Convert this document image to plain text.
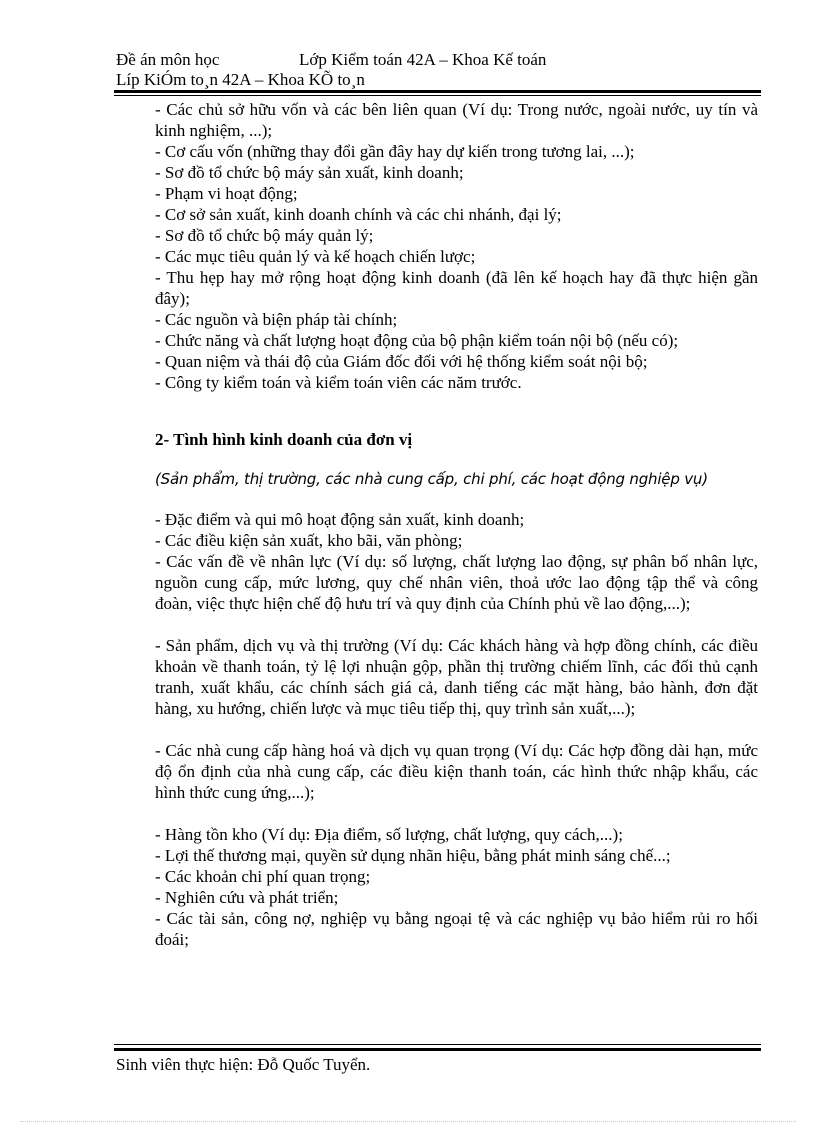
Đề án môn học	Lớp Kiểm toán 42A – Khoa Kế toán
Líp KiÓm to¸n 42A – Khoa KÕ to¸n

- Các chủ sở hữu vốn và các bên liên quan (Ví dụ: Trong nước, ngoài nước, uy tín và kinh nghiệm, ...);

- Cơ cấu vốn (những thay đổi gần đây hay dự kiến trong tương lai, ...);

- Sơ đồ tổ chức bộ máy sản xuất, kinh doanh;

- Phạm vi hoạt động;

- Cơ sở sản xuất, kinh doanh chính và các chi nhánh, đại lý;

- Sơ đồ tổ chức bộ máy quản lý;

- Các mục tiêu quản lý và kế hoạch chiến lược;

- Thu hẹp hay mở rộng hoạt động kinh doanh (đã lên kế hoạch hay đã thực hiện gần đây);

- Các nguồn và biện pháp tài chính;

- Chức năng và chất lượng hoạt động của bộ phận kiểm toán nội bộ (nếu có);

- Quan niệm và thái độ của Giám đốc đối với hệ thống kiểm soát nội bộ;

- Công ty kiểm toán và kiểm toán viên các năm trước.

2- Tình hình kinh doanh của đơn vị

(Sản phẩm, thị trường, các nhà cung cấp, chi phí, các hoạt động nghiệp vụ)

- Đặc điểm và qui mô hoạt động sản xuất, kinh doanh;

- Các điều kiện sản xuất, kho bãi, văn phòng;

- Các vấn đề về nhân lực (Ví dụ: số lượng, chất lượng lao động, sự phân bố nhân lực, nguồn cung cấp, mức lương, quy chế nhân viên, thoả ước lao động tập thể và công đoàn, việc thực hiện chế độ hưu trí và quy định của Chính phủ về lao động,...);

- Sản phẩm, dịch vụ và thị trường (Ví dụ: Các khách hàng và hợp đồng chính, các điều khoản về thanh toán, tỷ lệ lợi nhuận gộp, phần thị trường chiếm lĩnh, các đối thủ cạnh tranh, xuất khẩu, các chính sách giá cả, danh tiếng các mặt hàng, bảo hành, đơn đặt hàng, xu hướng, chiến lược và mục tiêu tiếp thị, quy trình sản xuất,...);

- Các nhà cung cấp hàng hoá và dịch vụ quan trọng (Ví dụ: Các hợp đồng dài hạn, mức độ ổn định của nhà cung cấp, các điều kiện thanh toán, các hình thức nhập khẩu, các hình thức cung ứng,...);

- Hàng tồn kho (Ví dụ: Địa điểm, số lượng, chất lượng, quy cách,...);

- Lợi thế thương mại, quyền sử dụng nhãn hiệu, bằng phát minh sáng chế...;

- Các khoản chi phí quan trọng;

- Nghiên cứu và phát triển;

- Các tài sản, công nợ, nghiệp vụ bằng ngoại tệ và các nghiệp vụ bảo hiểm rủi ro hối đoái;

Sinh viên thực hiện: Đỗ Quốc Tuyển.
